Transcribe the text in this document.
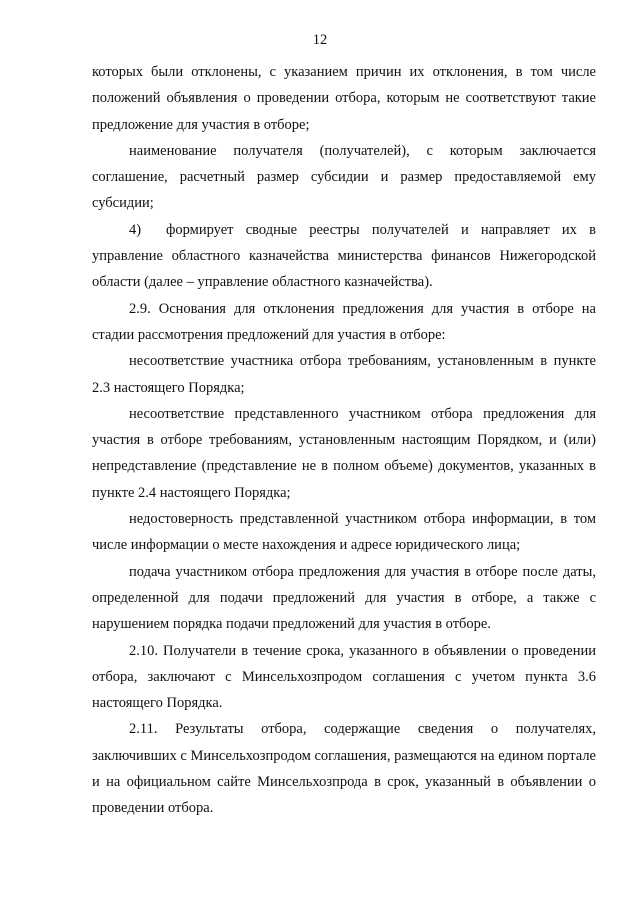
12

которых были отклонены, с указанием причин их отклонения, в том числе положений объявления о проведении отбора, которым не соответствуют такие предложение для участия в отборе;

наименование получателя (получателей), с которым заключается соглашение, расчетный размер субсидии и размер предоставляемой ему субсидии;

4) формирует сводные реестры получателей и направляет их в управление областного казначейства министерства финансов Нижегородской области (далее – управление областного казначейства).

2.9. Основания для отклонения предложения для участия в отборе на стадии рассмотрения предложений для участия в отборе:

несоответствие участника отбора требованиям, установленным в пункте 2.3 настоящего Порядка;

несоответствие представленного участником отбора предложения для участия в отборе требованиям, установленным настоящим Порядком, и (или) непредставление (представление не в полном объеме) документов, указанных в пункте 2.4 настоящего Порядка;

недостоверность представленной участником отбора информации, в том числе информации о месте нахождения и адресе юридического лица;

подача участником отбора предложения для участия в отборе после даты, определенной для подачи предложений для участия в отборе, а также с нарушением порядка подачи предложений для участия в отборе.

2.10. Получатели в течение срока, указанного в объявлении о проведении отбора, заключают с Минсельхозпродом соглашения с учетом пункта 3.6 настоящего Порядка.

2.11. Результаты отбора, содержащие сведения о получателях, заключивших с Минсельхозпродом соглашения, размещаются на едином портале и на официальном сайте Минсельхозпрода в срок, указанный в объявлении о проведении отбора.
